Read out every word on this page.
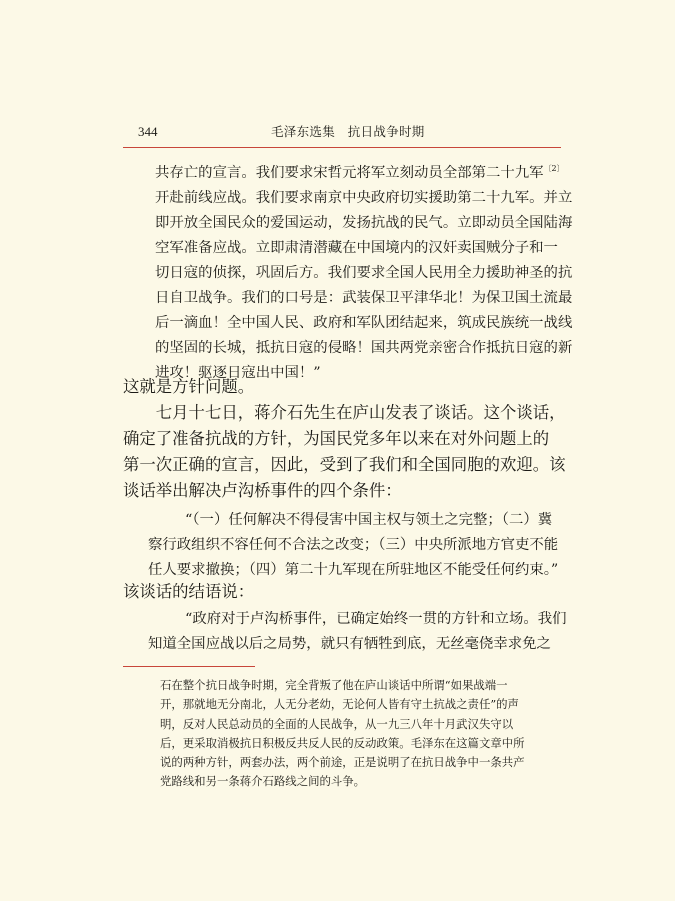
344	毛泽东选集　抗日战争时期
共存亡的宣言。我们要求宋哲元将军立刻动员全部第二十九军$^{〔2〕}$
开赴前线应战。我们要求南京中央政府切实援助第二十九军。并立
即开放全国民众的爱国运动，发扬抗战的民气。立即动员全国陆海
空军准备应战。立即肃清潜藏在中国境内的汉奸卖国贼分子和一
切日寇的侦探，巩固后方。我们要求全国人民用全力援助神圣的抗
日自卫战争。我们的口号是：武装保卫平津华北！为保卫国土流最
后一滴血！全中国人民、政府和军队团结起来，筑成民族统一战线
的坚固的长城，抵抗日寇的侵略！国共两党亲密合作抵抗日寇的新
进攻！驱逐日寇出中国！”
这就是方针问题。
　　七月十七日，蒋介石先生在庐山发表了谈话。这个谈话，
确定了准备抗战的方针，为国民党多年以来在对外问题上的
第一次正确的宣言，因此，受到了我们和全国同胞的欢迎。该
谈话举出解决卢沟桥事件的四个条件：
“（一）任何解决不得侵害中国主权与领土之完整；（二）冀
察行政组织不容任何不合法之改变；（三）中央所派地方官吏不能
任人要求撤换；（四）第二十九军现在所驻地区不能受任何约束。”
该谈话的结语说：
“政府对于卢沟桥事件，已确定始终一贯的方针和立场。我们
知道全国应战以后之局势，就只有牺牲到底，无丝毫侥幸求免之
石在整个抗日战争时期，完全背叛了他在庐山谈话中所谓“如果战端一
开，那就地无分南北，人无分老幼，无论何人皆有守土抗战之责任”的声
明，反对人民总动员的全面的人民战争，从一九三八年十月武汉失守以
后，更采取消极抗日积极反共反人民的反动政策。毛泽东在这篇文章中所
说的两种方针，两套办法，两个前途，正是说明了在抗日战争中一条共产
党路线和另一条蒋介石路线之间的斗争。
